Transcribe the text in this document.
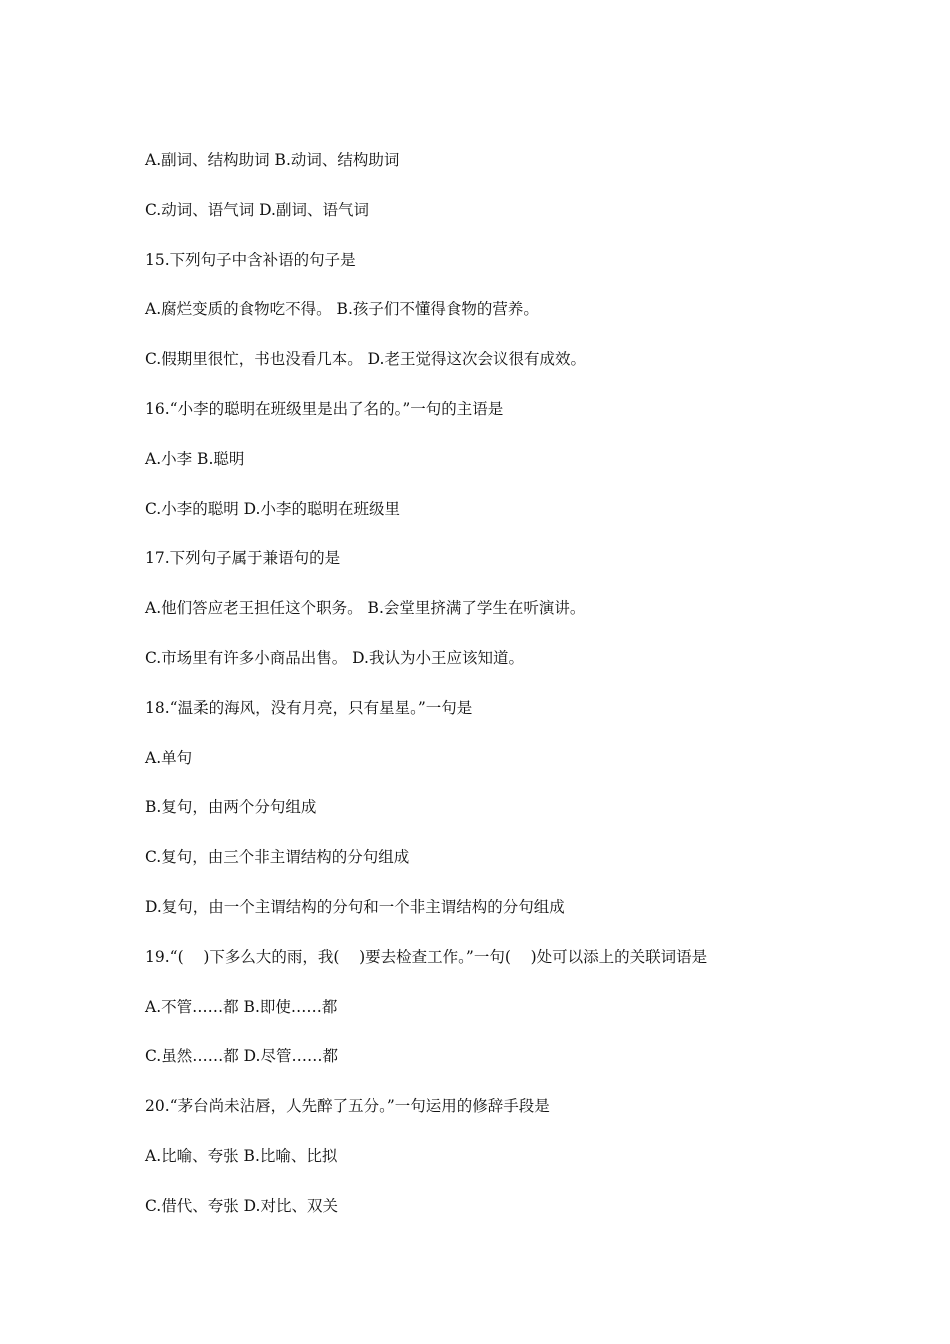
A.副词、结构助词 B.动词、结构助词
C.动词、语气词 D.副词、语气词
15.下列句子中含补语的句子是
A.腐烂变质的食物吃不得。 B.孩子们不懂得食物的营养。
C.假期里很忙，书也没看几本。 D.老王觉得这次会议很有成效。
16.“小李的聪明在班级里是出了名的。”一句的主语是
A.小李 B.聪明
C.小李的聪明 D.小李的聪明在班级里
17.下列句子属于兼语句的是
A.他们答应老王担任这个职务。 B.会堂里挤满了学生在听演讲。
C.市场里有许多小商品出售。 D.我认为小王应该知道。
18.“温柔的海风，没有月亮，只有星星。”一句是
A.单句
B.复句，由两个分句组成
C.复句，由三个非主谓结构的分句组成
D.复句，由一个主谓结构的分句和一个非主谓结构的分句组成
19.“(    )下多么大的雨，我(    )要去检查工作。”一句(    )处可以添上的关联词语是
A.不管……都 B.即使……都
C.虽然……都 D.尽管……都
20.“茅台尚未沾唇，人先醉了五分。”一句运用的修辞手段是
A.比喻、夸张 B.比喻、比拟
C.借代、夸张 D.对比、双关
